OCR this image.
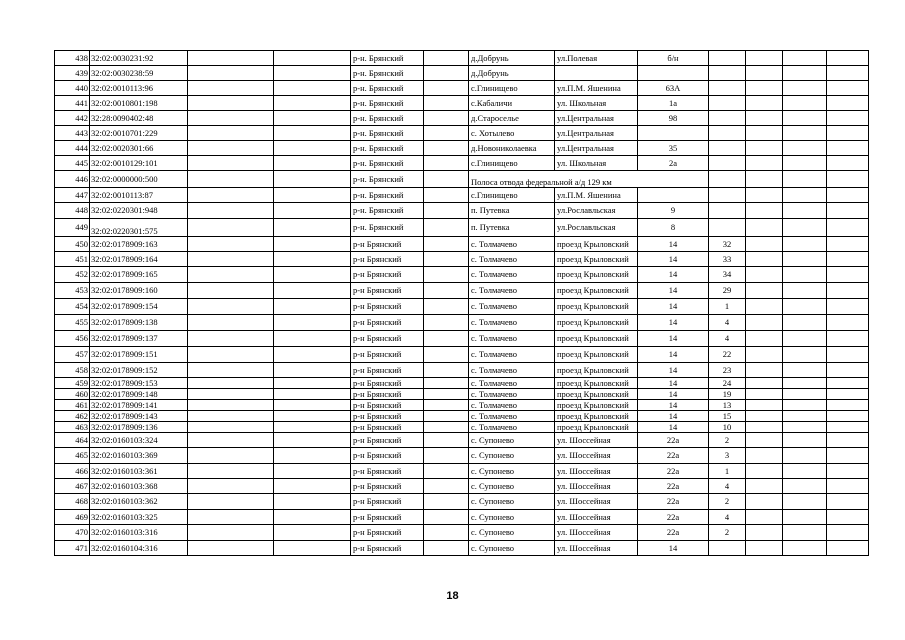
438	32:02:0030231:92			р-н. Брянский		д.Добрунь	ул.Полевая	б/н				
439	32:02:0030238:59			р-н. Брянский		д.Добрунь						
440	32:02:0010113:96			р-н. Брянский		с.Глинищево	ул.П.М. Яшенина	63А				
441	32:02:0010801:198			р-н. Брянский		с.Кабаличи	ул. Школьная	1а				
442	32:28:0090402:48			р-н. Брянский		д.Староселье	ул.Центральная	98				
443	32:02:0010701:229			р-н. Брянский		с. Хотылево	ул.Центральная					
444	32:02:0020301:66			р-н. Брянский		д.Новониколаевка	ул.Центральная	35				
445	32:02:0010129:101			р-н. Брянский		с.Глинищево	ул. Школьная	2а				
446	32:02:0000000:500			р-н. Брянский		Полоса отвода федеральной а/д 129 км						
447	32:02:0010113:87			р-н. Брянский		с.Глинищево	ул.П.М. Яшенина					
448	32:02:0220301:948			р-н. Брянский		п. Путевка	ул.Рославльская	9				
449	32:02:0220301:575			р-н. Брянский		п. Путевка	ул.Рославльская	8				
450	32:02:0178909:163			р-н Брянский		с. Толмачево	проезд Крыловский	14	32			
451	32:02:0178909:164			р-н Брянский		с. Толмачево	проезд Крыловский	14	33			
452	32:02:0178909:165			р-н Брянский		с. Толмачево	проезд Крыловский	14	34			
453	32:02:0178909:160			р-н Брянский		с. Толмачево	проезд Крыловский	14	29			
454	32:02:0178909:154			р-н Брянский		с. Толмачево	проезд Крыловский	14	1			
455	32:02:0178909:138			р-н Брянский		с. Толмачево	проезд Крыловский	14	4			
456	32:02:0178909:137			р-н Брянский		с. Толмачево	проезд Крыловский	14	4			
457	32:02:0178909:151			р-н Брянский		с. Толмачево	проезд Крыловский	14	22			
458	32:02:0178909:152			р-н Брянский		с. Толмачево	проезд Крыловский	14	23			
459	32:02:0178909:153			р-н Брянский		с. Толмачево	проезд Крыловский	14	24			
460	32:02:0178909:148			р-н Брянский		с. Толмачево	проезд Крыловский	14	19			
461	32:02:0178909:141			р-н Брянский		с. Толмачево	проезд Крыловский	14	13			
462	32:02:0178909:143			р-н Брянский		с. Толмачево	проезд Крыловский	14	15			
463	32:02:0178909:136			р-н Брянский		с. Толмачево	проезд Крыловский	14	10			
464	32:02:0160103:324			р-н Брянский		с. Супонево	ул. Шоссейная	22а	2			
465	32:02:0160103:369			р-н Брянский		с. Супонево	ул. Шоссейная	22а	3			
466	32:02:0160103:361			р-н Брянский		с. Супонево	ул. Шоссейная	22а	1			
467	32:02:0160103:368			р-н Брянский		с. Супонево	ул. Шоссейная	22а	4			
468	32:02:0160103:362			р-н Брянский		с. Супонево	ул. Шоссейная	22а	2			
469	32:02:0160103:325			р-н Брянский		с. Супонево	ул. Шоссейная	22а	4			
470	32:02:0160103:316			р-н Брянский		с. Супонево	ул. Шоссейная	22а	2			
471	32:02:0160104:316			р-н Брянский		с. Супонево	ул. Шоссейная	14				
18
